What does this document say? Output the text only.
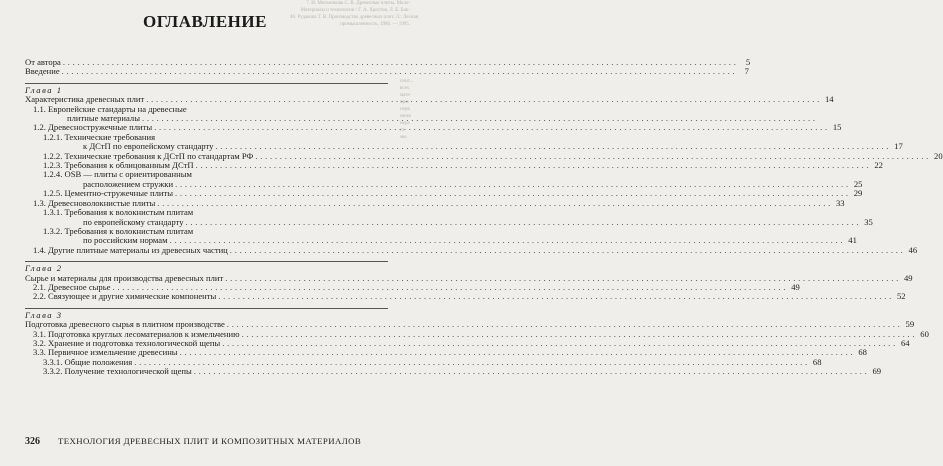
7. И. Мельникова С. В. Древесные плиты. Мало-
Материалы и технологии / Г. А. Хрестов, Л. Е. Бак-
46. Рудакова Т. В. Производство древесных плит. Л.: Лесная
промышленность, 1986. — 1995.
плит...
всех
мате-
щих
перв
ниже
нера
го
мы
ОГЛАВЛЕНИЕ
От автора . . .	5
Введение . . .	7
Глава 1
Характеристика древесных плит . . .	14
1.1. Европейские стандарты на древесные
плитные материалы
. . .
1.2. Древесностружечные плиты . . .	15
1.2.1. Технические требования
к ДСтП по европейскому стандарту . . .	17
1.2.2. Технические требования к ДСтП по стандартам РФ . . .	20
1.2.3. Требования к облицованным ДСтП . . .	22
1.2.4. OSB — плиты с ориентированным
расположением стружки . . .	25
1.2.5. Цементно-стружечные плиты . . .	29
1.3. Древесноволокнистые плиты . . .	33
1.3.1. Требования к волокнистым плитам
по европейскому стандарту . . .	35
1.3.2. Требования к волокнистым плитам
по российским нормам . . .	41
1.4. Другие плитные материалы из древесных частиц . . .	46
Глава 2
Сырье и материалы для производства древесных плит . . .	49
2.1. Древесное сырье . . .	49
2.2. Связующее и другие химические компоненты . . .	52
Глава 3
Подготовка древесного сырья в плитном производстве . . .	59
3.1. Подготовка круглых лесоматериалов к измельчению . . .	60
3.2. Хранение и подготовка технологической щепы . . .	64
3.3. Первичное измельчение древесины . . .	68
3.3.1. Общие положения . . .	68
3.3.2. Получение технологической щепы . . .	69
326 ТЕХНОЛОГИЯ ДРЕВЕСНЫХ ПЛИТ И КОМПОЗИТНЫХ МАТЕРИАЛОВ
